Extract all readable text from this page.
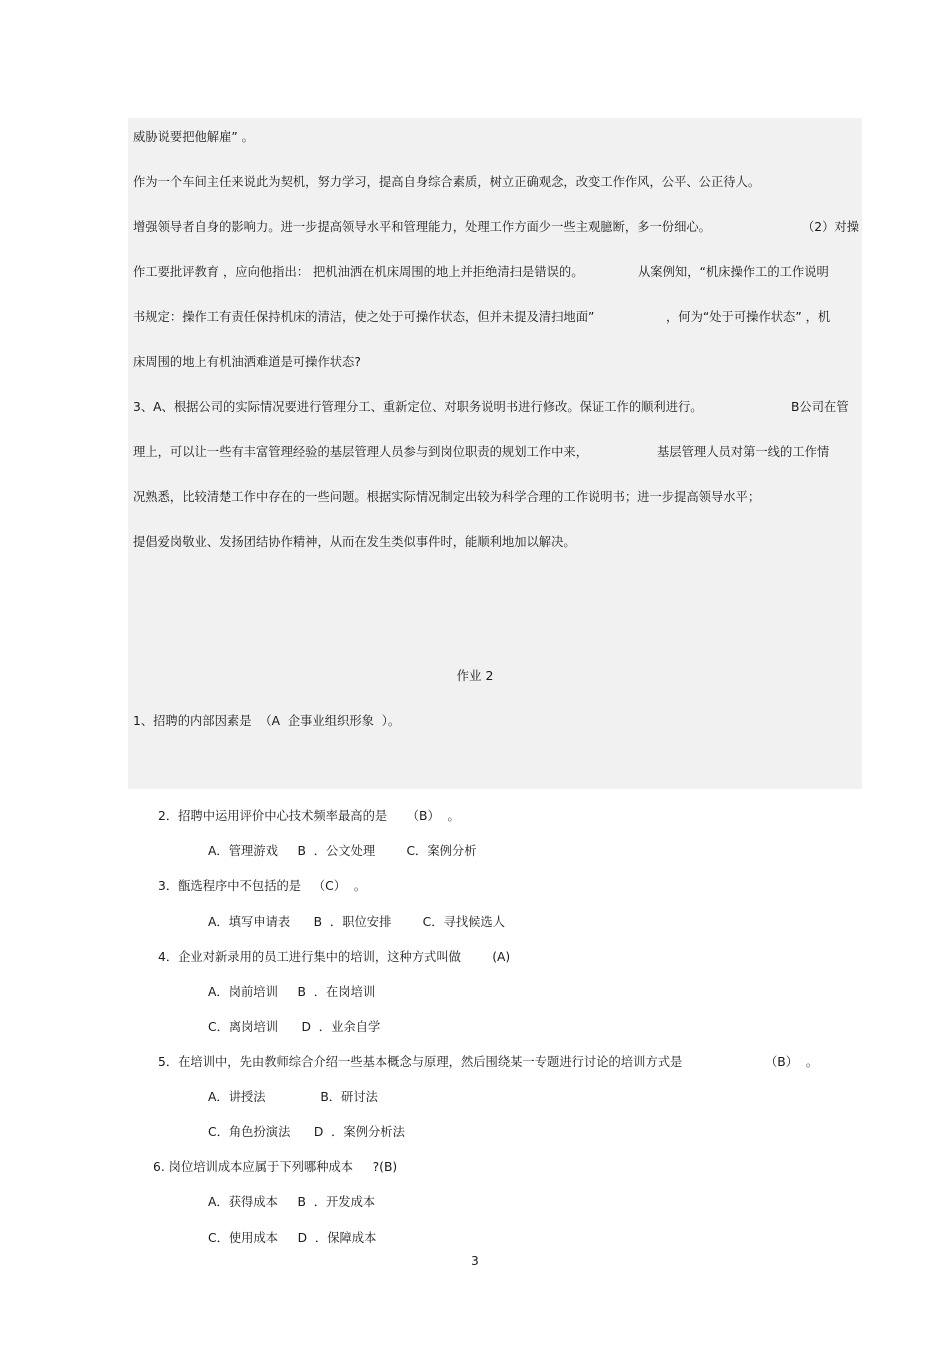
威胁说要把他解雇” 。
作为一个车间主任来说此为契机，努力学习，提高自身综合素质，树立正确观念，改变工作作风，公平、公正待人。
增强领导者自身的影响力。进一步提高领导水平和管理能力，处理工作方面少一些主观臆断，多一份细心。	（2）对操
作工要批评教育 ，应向他指出： 把机油洒在机床周围的地上并拒绝清扫是错误的。	从案例知，“机床操作工的工作说明
书规定：操作工有责任保持机床的清洁，使之处于可操作状态，但并未提及清扫地面”	，何为“处于可操作状态” ，机
床周围的地上有机油洒难道是可操作状态?
3、A、根据公司的实际情况要进行管理分工、重新定位、对职务说明书进行修改。保证工作的顺利进行。	B公司在管
理上，可以让一些有丰富管理经验的基层管理人员参与到岗位职责的规划工作中来，	基层管理人员对第一线的工作情
况熟悉，比较清楚工作中存在的一些问题。根据实际情况制定出较为科学合理的工作说明书；进一步提高领导水平；
提倡爱岗敬业、发扬团结协作精神，从而在发生类似事件时，能顺利地加以解决。
作业 2
1、招聘的内部因素是  （A  企事业组织形象  ）。
2．招聘中运用评价中心技术频率最高的是     （B）  。
A．管理游戏     B  ．公文处理        C．案例分析
3．甑选程序中不包括的是   （C）  。
A．填写申请表      B  ．职位安排        C．寻找候选人
4．企业对新录用的员工进行集中的培训，这种方式叫做        (A)
A．岗前培训     B  ．在岗培训
C．离岗培训      D  ．业余自学
5．在培训中，先由教师综合介绍一些基本概念与原理，然后围绕某一专题进行讨论的培训方式是	（B）  。
A．讲授法              B．研讨法
C．角色扮演法      D  ．案例分析法
6. 岗位培训成本应属于下列哪种成本     ?(B)
A．获得成本     B  ．开发成本
C．使用成本     D  ．保障成本
3
